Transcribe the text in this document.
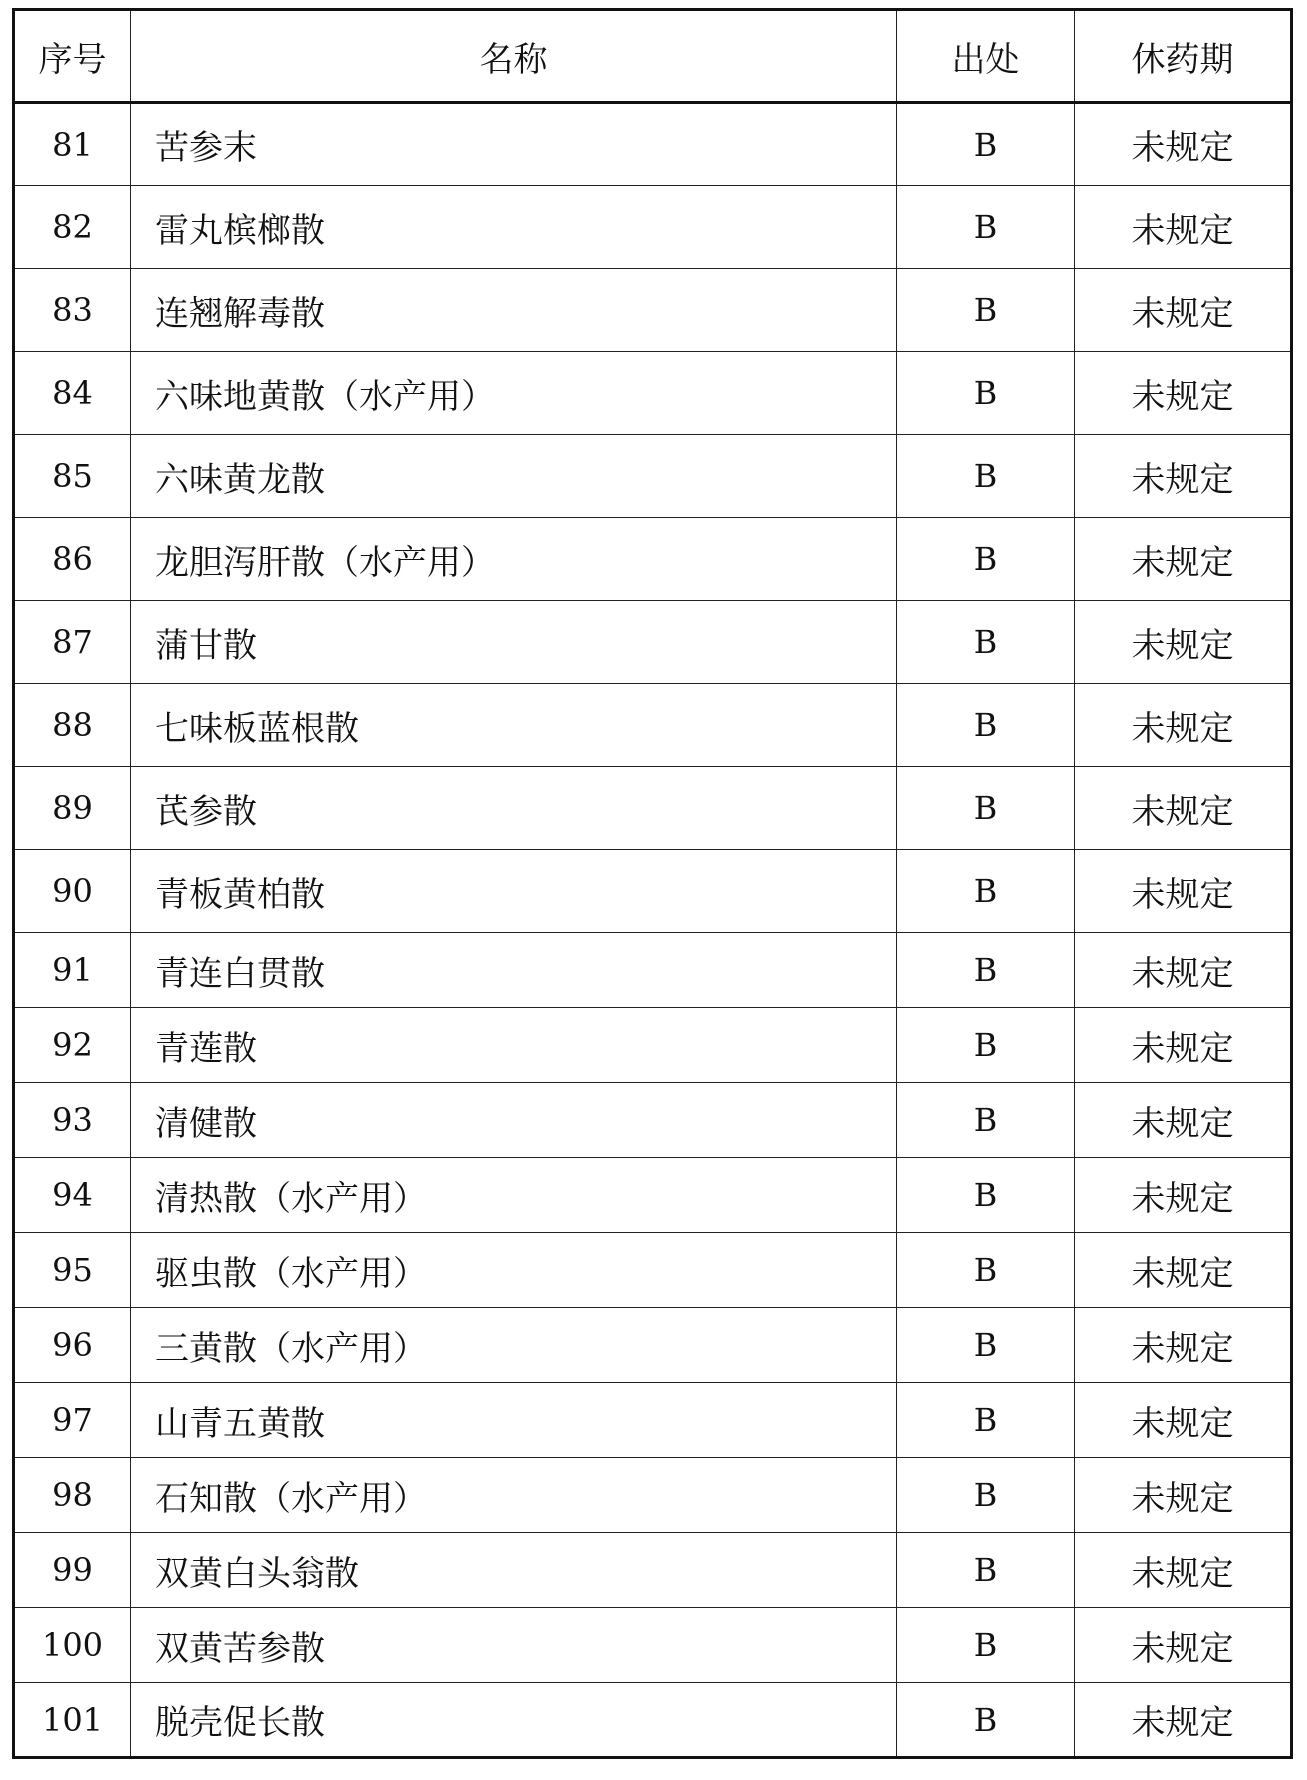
序号	名称	出处	休药期
81	苦参末	B	未规定
82	雷丸槟榔散	B	未规定
83	连翘解毒散	B	未规定
84	六味地黄散（水产用）	B	未规定
85	六味黄龙散	B	未规定
86	龙胆泻肝散（水产用）	B	未规定
87	蒲甘散	B	未规定
88	七味板蓝根散	B	未规定
89	芪参散	B	未规定
90	青板黄柏散	B	未规定
91	青连白贯散	B	未规定
92	青莲散	B	未规定
93	清健散	B	未规定
94	清热散（水产用）	B	未规定
95	驱虫散（水产用）	B	未规定
96	三黄散（水产用）	B	未规定
97	山青五黄散	B	未规定
98	石知散（水产用）	B	未规定
99	双黄白头翁散	B	未规定
100	双黄苦参散	B	未规定
101	脱壳促长散	B	未规定
